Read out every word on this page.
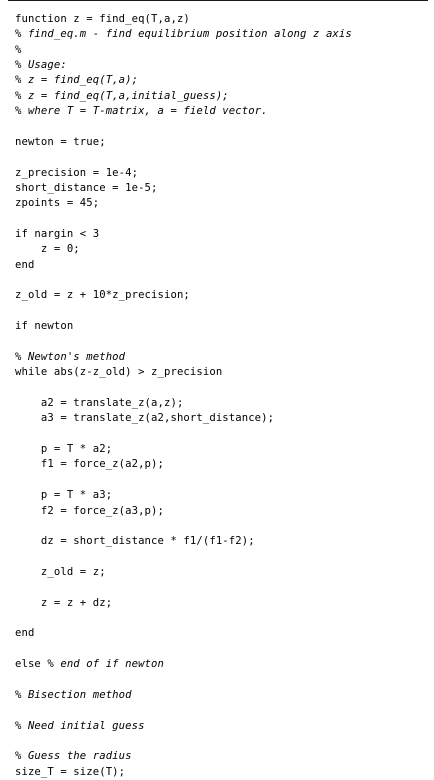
function z = find_eq(T,a,z)
% find_eq.m - find equilibrium position along z axis
%
% Usage:
% z = find_eq(T,a);
% z = find_eq(T,a,initial_guess);
% where T = T-matrix, a = field vector.
newton = true;
z_precision = 1e-4;
short_distance = 1e-5;
zpoints = 45;
if nargin < 3
z = 0;
end
z_old = z + 10*z_precision;
if newton
% Newton's method
while abs(z-z_old) > z_precision
a2 = translate_z(a,z);
a3 = translate_z(a2,short_distance);
p = T * a2;
f1 = force_z(a2,p);
p = T * a3;
f2 = force_z(a3,p);
dz = short_distance * f1/(f1-f2);
z_old = z;
z = z + dz;
end
else % end of if newton
% Bisection method
% Need initial guess
% Guess the radius
size_T = size(T);
